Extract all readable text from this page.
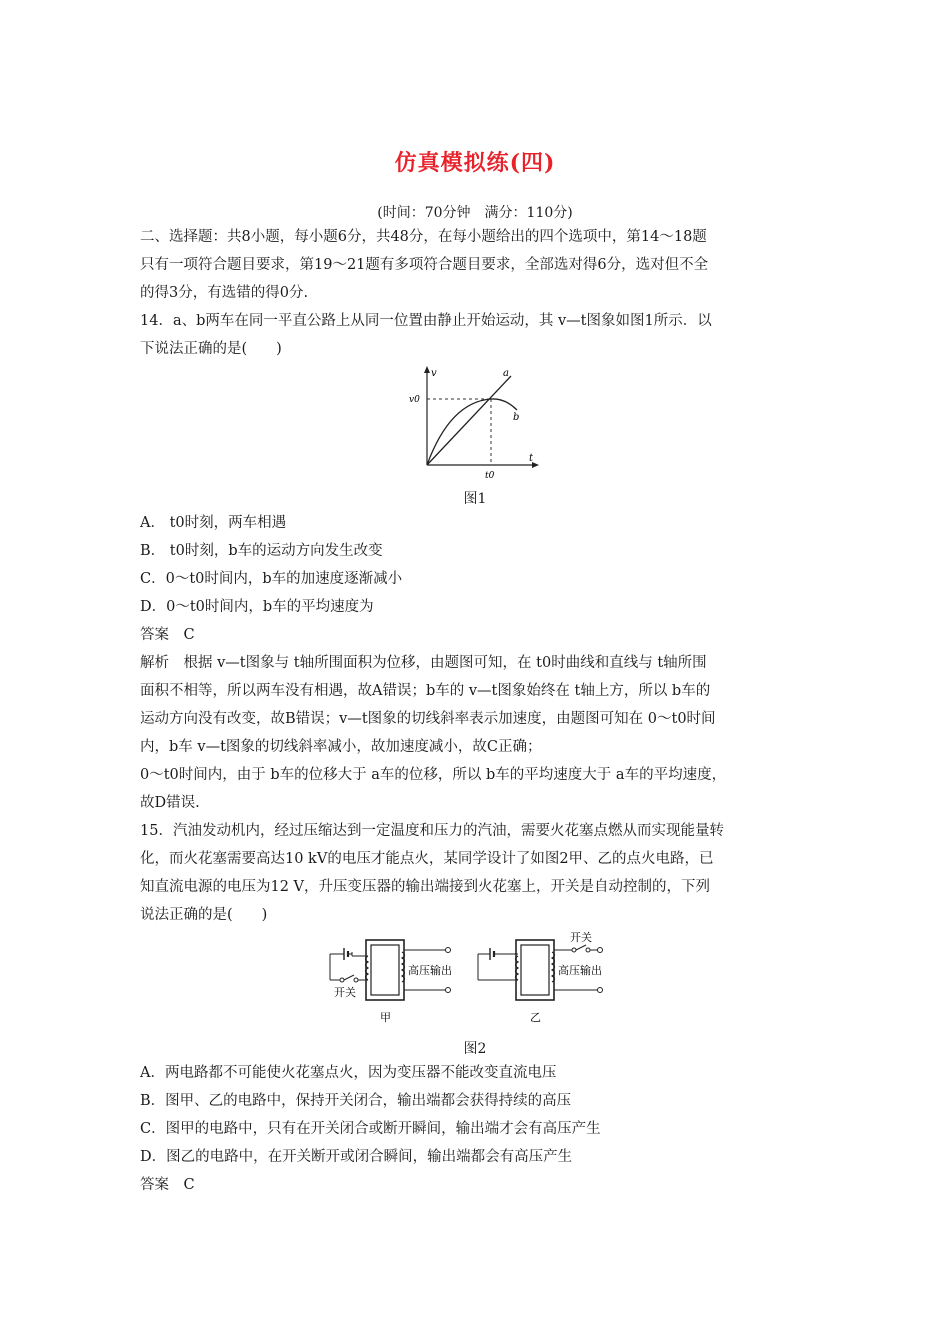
仿真模拟练(四)
(时间：70分钟　满分：110分)
二、选择题：共8小题，每小题6分，共48分，在每小题给出的四个选项中，第14～18题
只有一项符合题目要求，第19～21题有多项符合题目要求，全部选对得6分，选对但不全
的得3分，有选错的得0分.
14．a、b两车在同一平直公路上从同一位置由静止开始运动，其 v—t图象如图1所示．以
下说法正确的是(　　)
v
t
v0
t0
a
b
图1
A． t0时刻，两车相遇
B． t0时刻，b车的运动方向发生改变
C．0～t0时间内，b车的加速度逐渐减小
D．0～t0时间内，b车的平均速度为
答案　C
解析　根据 v—t图象与 t轴所围面积为位移，由题图可知，在 t0时曲线和直线与 t轴所围
面积不相等，所以两车没有相遇，故A错误；b车的 v—t图象始终在 t轴上方，所以 b车的
运动方向没有改变，故B错误；v—t图象的切线斜率表示加速度，由题图可知在 0～t0时间
内，b车 v—t图象的切线斜率减小，故加速度减小，故C正确；
0～t0时间内，由于 b车的位移大于 a车的位移，所以 b车的平均速度大于 a车的平均速度，
故D错误.
15．汽油发动机内，经过压缩达到一定温度和压力的汽油，需要火花塞点燃从而实现能量转
化，而火花塞需要高达10 kV的电压才能点火，某同学设计了如图2甲、乙的点火电路，已
知直流电源的电压为12 V，升压变压器的输出端接到火花塞上，开关是自动控制的，下列
说法正确的是(　　)
高压输出
开关
甲
开关
高压输出
乙
图2
A．两电路都不可能使火花塞点火，因为变压器不能改变直流电压
B．图甲、乙的电路中，保持开关闭合，输出端都会获得持续的高压
C．图甲的电路中，只有在开关闭合或断开瞬间，输出端才会有高压产生
D．图乙的电路中，在开关断开或闭合瞬间，输出端都会有高压产生
答案　C
